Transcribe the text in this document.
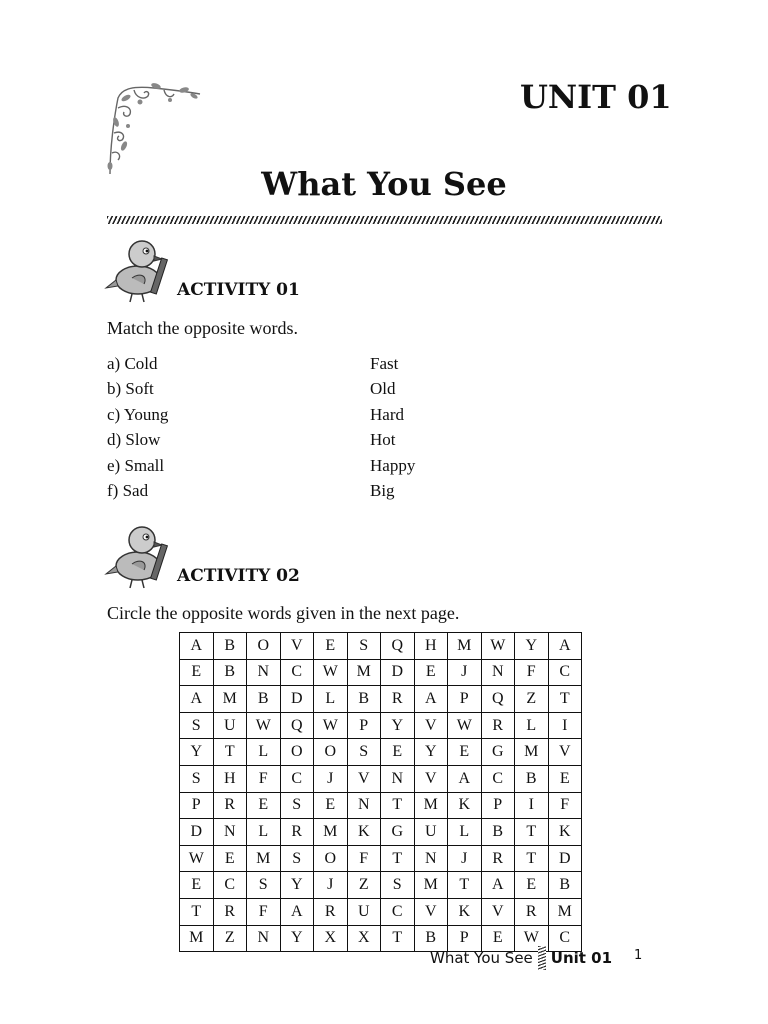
UNIT 01
What You See
ACTIVITY 01
Match the opposite words.
a) Cold	Fast
b) Soft	Old
c) Young	Hard
d) Slow	Hot
e) Small	Happy
f) Sad	Big
ACTIVITY 02
Circle the opposite words given in the next page.
A	B	O	V	E	S	Q	H	M	W	Y	A
E	B	N	C	W	M	D	E	J	N	F	C
A	M	B	D	L	B	R	A	P	Q	Z	T
S	U	W	Q	W	P	Y	V	W	R	L	I
Y	T	L	O	O	S	E	Y	E	G	M	V
S	H	F	C	J	V	N	V	A	C	B	E
P	R	E	S	E	N	T	M	K	P	I	F
D	N	L	R	M	K	G	U	L	B	T	K
W	E	M	S	O	F	T	N	J	R	T	D
E	C	S	Y	J	Z	S	M	T	A	E	B
T	R	F	A	R	U	C	V	K	V	R	M
M	Z	N	Y	X	X	T	B	P	E	W	C
What You See Unit 01 1
